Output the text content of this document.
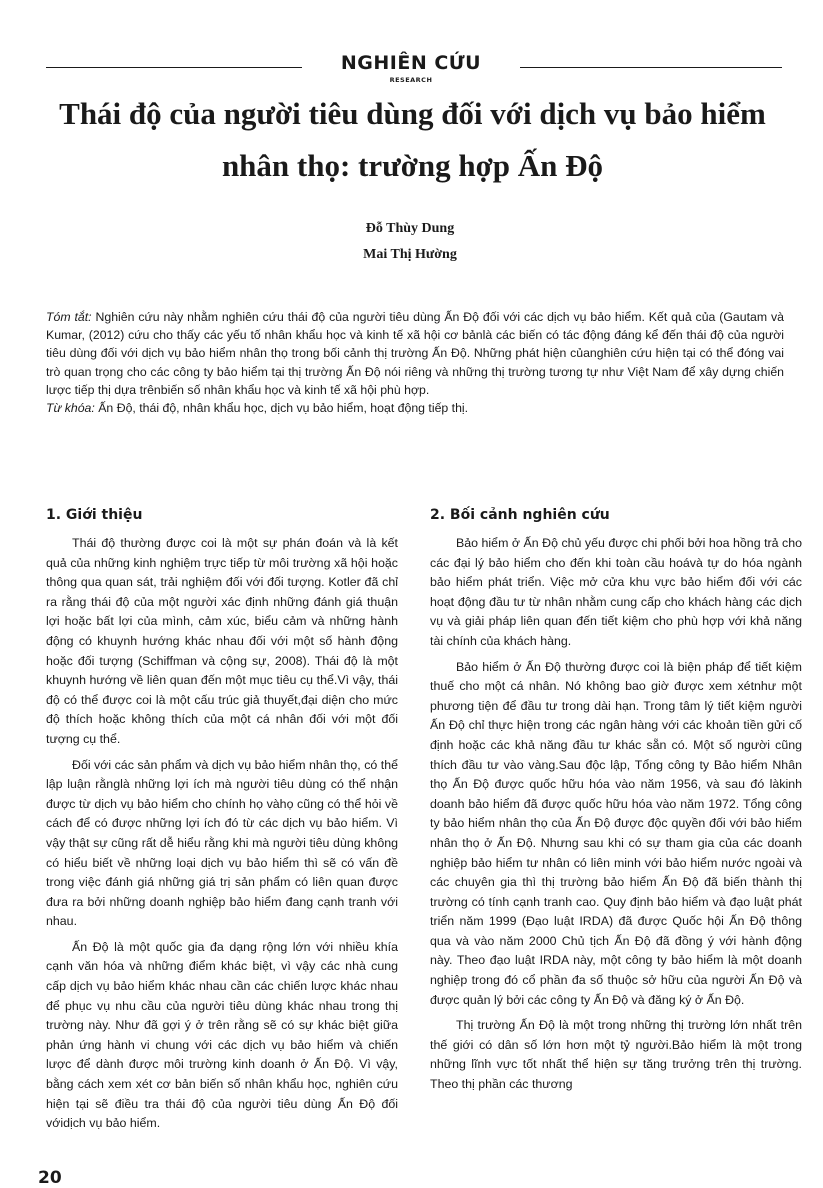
NGHIÊN CỨU
RESEARCH
Thái độ của người tiêu dùng đối với dịch vụ bảo hiểm
nhân thọ: trường hợp Ấn Độ
Đỗ Thùy Dung
Mai Thị Hường

Tóm tắt: Nghiên cứu này nhằm nghiên cứu thái độ của người tiêu dùng Ấn Độ đối với các dịch vụ bảo hiểm. Kết quả của (Gautam và Kumar, (2012) cứu cho thấy các yếu tố nhân khẩu học và kinh tế xã hội cơ bảnlà các biến có tác động đáng kể đến thái độ của người tiêu dùng đối với dịch vụ bảo hiểm nhân thọ trong bối cảnh thị trường Ấn Độ. Những phát hiện củanghiên cứu hiện tại có thể đóng vai trò quan trọng cho các công ty bảo hiểm tại thị trường Ấn Độ nói riêng và những thị trường tương tự như Việt Nam để xây dựng chiến lược tiếp thị dựa trênbiến số nhân khẩu học và kinh tế xã hội phù hợp.

Từ khóa: Ấn Độ, thái độ, nhân khẩu học, dịch vụ bảo hiểm, hoạt động tiếp thị.

1. Giới thiệu

Thái độ thường được coi là một sự phán đoán và là kết quả của những kinh nghiệm trực tiếp từ môi trường xã hội hoặc thông qua quan sát, trải nghiệm đối với đối tượng. Kotler đã chỉ ra rằng thái độ của một người xác định những đánh giá thuận lợi hoặc bất lợi của mình, cảm xúc, biểu cảm và những hành động có khuynh hướng khác nhau đối với một số hành động hoặc đối tượng (Schiffman và cộng sự, 2008). Thái độ là một khuynh hướng về liên quan đến một mục tiêu cụ thể.Vì vậy, thái độ có thể được coi là một cấu trúc giả thuyết,đại diện cho mức độ thích hoặc không thích của một cá nhân đối với một đối tượng cụ thể.

Đối với các sản phẩm và dịch vụ bảo hiểm nhân thọ, có thể lập luận rằnglà những lợi ích mà người tiêu dùng có thể nhận được từ dịch vụ bảo hiểm cho chính họ vàhọ cũng có thể hỏi về cách để có được những lợi ích đó từ các dịch vụ bảo hiểm. Vì vậy thật sự cũng rất dễ hiểu rằng khi mà người tiêu dùng không có hiểu biết về những loại dịch vụ bảo hiểm thì sẽ có vấn đề trong việc đánh giá những giá trị sản phẩm có liên quan được đưa ra bởi những doanh nghiệp bảo hiểm đang cạnh tranh với nhau.

Ấn Độ là một quốc gia đa dạng rộng lớn với nhiều khía cạnh văn hóa và những điểm khác biệt, vì vậy các nhà cung cấp dịch vụ bảo hiểm khác nhau cần các chiến lược khác nhau để phục vụ nhu cầu của người tiêu dùng khác nhau trong thị trường này. Như đã gợi ý ở trên rằng sẽ có sự khác biệt giữa phản ứng hành vi chung với các dịch vụ bảo hiểm và chiến lược để dành được môi trường kinh doanh ở Ấn Độ. Vì vậy, bằng cách xem xét cơ bản biến số nhân khẩu học, nghiên cứu hiện tại sẽ điều tra thái độ của người tiêu dùng Ấn Độ đối vớidịch vụ bảo hiểm.

2. Bối cảnh nghiên cứu

Bảo hiểm ở Ấn Độ chủ yếu được chi phối bởi hoa hồng trả cho các đại lý bảo hiểm cho đến khi toàn cầu hoávà tự do hóa ngành bảo hiểm phát triển. Việc mở cửa khu vực bảo hiểm đối với các hoạt động đầu tư từ nhân nhằm cung cấp cho khách hàng các dịch vụ và giải pháp liên quan đến tiết kiệm cho phù hợp với khả năng tài chính của khách hàng.

Bảo hiểm ở Ấn Độ thường được coi là biện pháp để tiết kiệm thuế cho một cá nhân. Nó không bao giờ được xem xétnhư một phương tiện để đầu tư trong dài hạn. Trong tâm lý tiết kiệm người Ấn Độ chỉ thực hiện trong các ngân hàng với các khoản tiền gửi cố định hoặc các khả năng đầu tư khác sẵn có. Một số người cũng thích đầu tư vào vàng.Sau độc lập, Tổng công ty Bảo hiểm Nhân thọ Ấn Độ được quốc hữu hóa vào năm 1956, và sau đó làkinh doanh bảo hiểm đã được quốc hữu hóa vào năm 1972. Tổng công ty bảo hiểm nhân thọ của Ấn Độ được độc quyền đối với bảo hiểm nhân thọ ở Ấn Độ. Nhưng sau khi có sự tham gia của các doanh nghiệp bảo hiểm tư nhân có liên minh với bảo hiểm nước ngoài và các chuyên gia thì thị trường bảo hiểm Ấn Độ đã biến thành thị trường có tính cạnh tranh cao. Quy định bảo hiểm và đạo luật phát triển năm 1999 (Đạo luật IRDA) đã được Quốc hội Ấn Độ thông qua và vào năm 2000 Chủ tịch Ấn Độ đã đồng ý với hành động này. Theo đạo luật IRDA này, một công ty bảo hiểm là một doanh nghiệp trong đó cổ phần đa số thuộc sở hữu của người Ấn Độ và được quản lý bởi các công ty Ấn Độ và đăng ký ở Ấn Độ.

Thị trường Ấn Độ là một trong những thị trường lớn nhất trên thế giới có dân số lớn hơn một tỷ người.Bảo hiểm là một trong những lĩnh vực tốt nhất thể hiện sự tăng trưởng trên thị trường. Theo thị phần các thương

20
